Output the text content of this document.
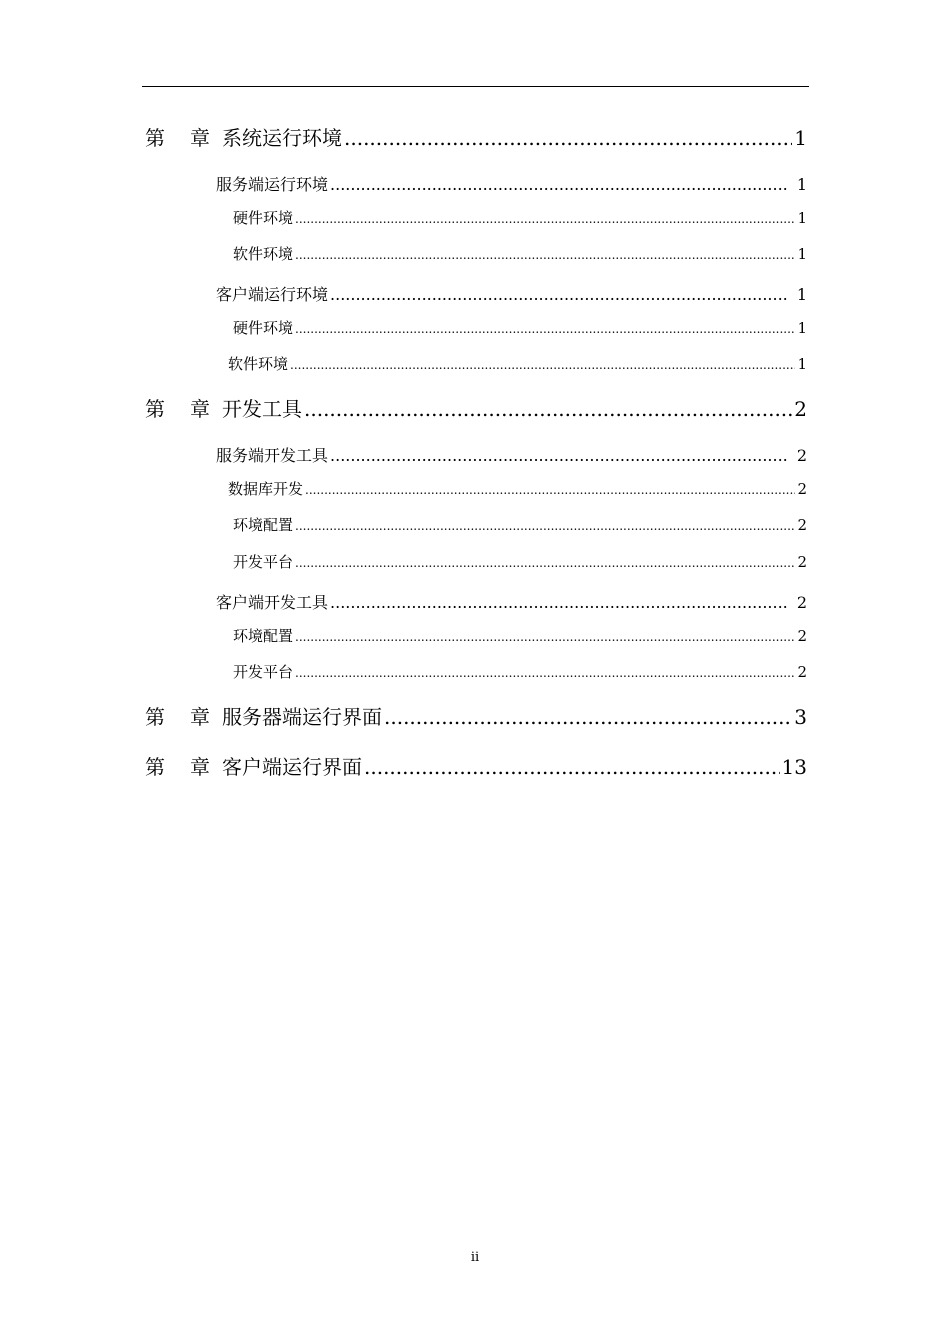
第	章 系统运行环境 .....	1
服务端运行环境 .....	1
硬件环境 .....	1
软件环境 .....	1
客户端运行环境 .....	1
硬件环境 .....	1
软件环境 .....	1
第	章 开发工具 .....	2
服务端开发工具 .....	2
数据库开发 .....	2
环境配置 .....	2
开发平台 .....	2
客户端开发工具 .....	2
环境配置 .....	2
开发平台 .....	2
第	章 服务器端运行界面 .....	3
第	章 客户端运行界面 .....	13
ii
